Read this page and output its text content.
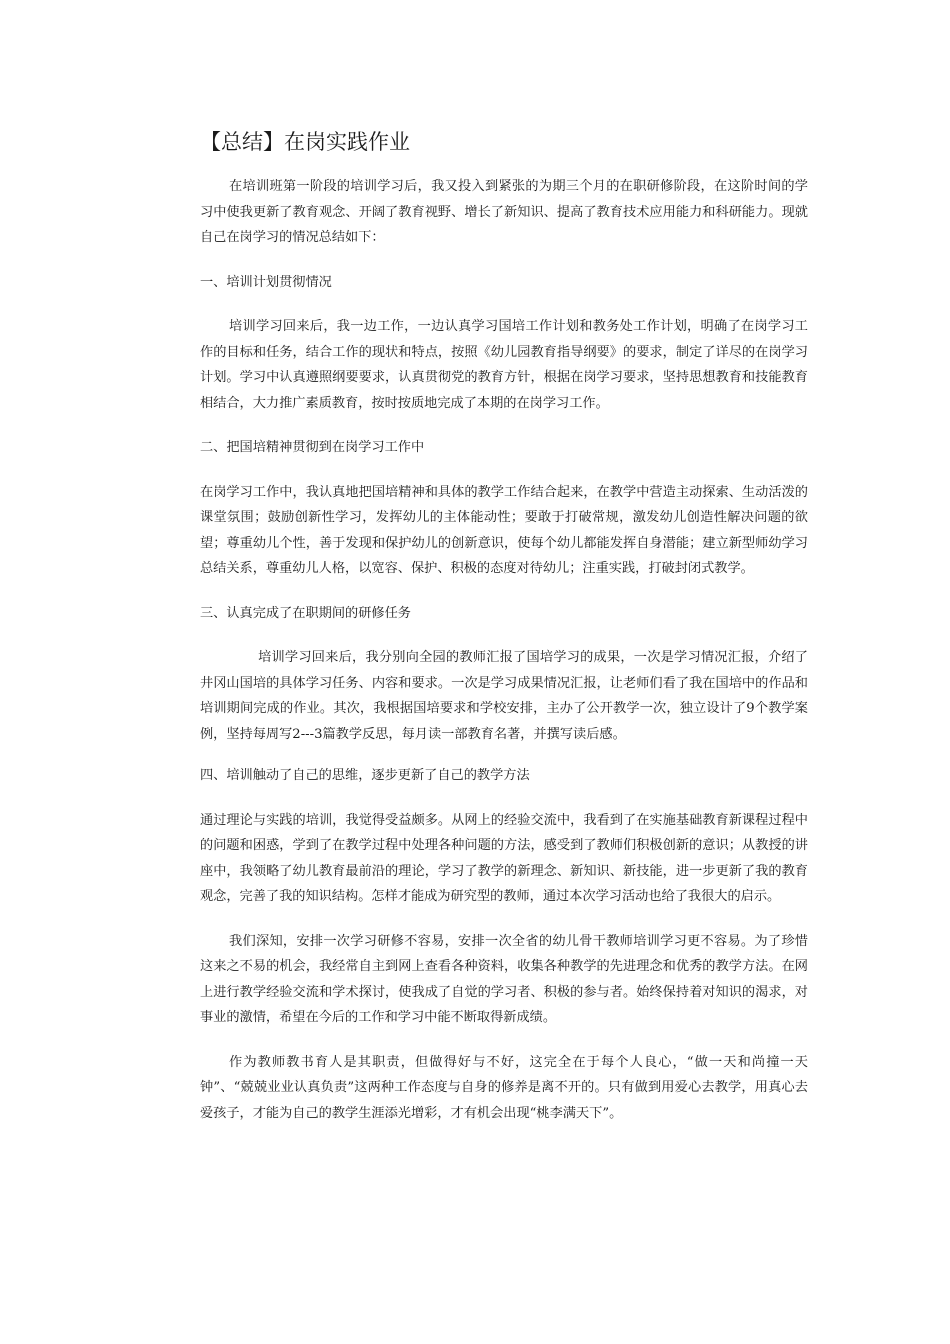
【总结】在岗实践作业

在培训班第一阶段的培训学习后，我又投入到紧张的为期三个月的在职研修阶段，在这阶时间的学习中使我更新了教育观念、开阔了教育视野、增长了新知识、提高了教育技术应用能力和科研能力。现就自己在岗学习的情况总结如下：

一、培训计划贯彻情况

培训学习回来后，我一边工作，一边认真学习国培工作计划和教务处工作计划，明确了在岗学习工作的目标和任务，结合工作的现状和特点，按照《幼儿园教育指导纲要》的要求，制定了详尽的在岗学习计划。学习中认真遵照纲要要求，认真贯彻党的教育方针，根据在岗学习要求，坚持思想教育和技能教育相结合，大力推广素质教育，按时按质地完成了本期的在岗学习工作。

二、把国培精神贯彻到在岗学习工作中

在岗学习工作中，我认真地把国培精神和具体的教学工作结合起来，在教学中营造主动探索、生动活泼的课堂氛围；鼓励创新性学习，发挥幼儿的主体能动性；要敢于打破常规，激发幼儿创造性解决问题的欲望；尊重幼儿个性，善于发现和保护幼儿的创新意识，使每个幼儿都能发挥自身潜能；建立新型师幼学习总结关系，尊重幼儿人格，以宽容、保护、积极的态度对待幼儿；注重实践，打破封闭式教学。

三、认真完成了在职期间的研修任务

培训学习回来后，我分别向全园的教师汇报了国培学习的成果，一次是学习情况汇报，介绍了井冈山国培的具体学习任务、内容和要求。一次是学习成果情况汇报，让老师们看了我在国培中的作品和培训期间完成的作业。其次，我根据国培要求和学校安排，主办了公开教学一次，独立设计了9个教学案例，坚持每周写2---3篇教学反思，每月读一部教育名著，并撰写读后感。

四、培训触动了自己的思维，逐步更新了自己的教学方法

通过理论与实践的培训，我觉得受益颇多。从网上的经验交流中，我看到了在实施基础教育新课程过程中的问题和困惑，学到了在教学过程中处理各种问题的方法，感受到了教师们积极创新的意识；从教授的讲座中，我领略了幼儿教育最前沿的理论，学习了教学的新理念、新知识、新技能，进一步更新了我的教育观念，完善了我的知识结构。怎样才能成为研究型的教师，通过本次学习活动也给了我很大的启示。

我们深知，安排一次学习研修不容易，安排一次全省的幼儿骨干教师培训学习更不容易。为了珍惜这来之不易的机会，我经常自主到网上查看各种资料，收集各种教学的先进理念和优秀的教学方法。在网上进行教学经验交流和学术探讨，使我成了自觉的学习者、积极的参与者。始终保持着对知识的渴求，对事业的激情，希望在今后的工作和学习中能不断取得新成绩。

作为教师教书育人是其职责，但做得好与不好，这完全在于每个人良心，“做一天和尚撞一天钟”、“兢兢业业认真负责”这两种工作态度与自身的修养是离不开的。只有做到用爱心去教学，用真心去爱孩子，才能为自己的教学生涯添光增彩，才有机会出现“桃李满天下”。
